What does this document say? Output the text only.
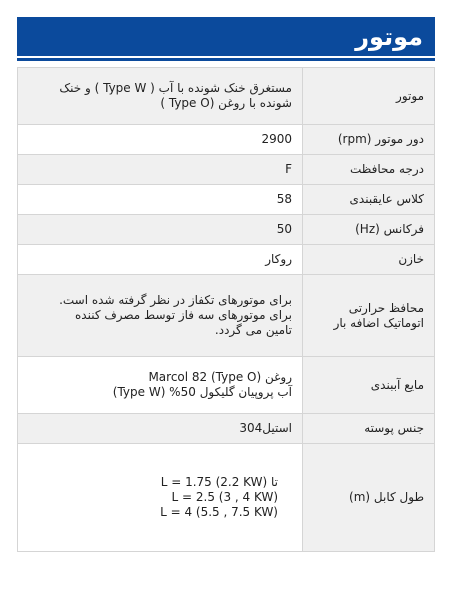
موتور
موتور	مستغرق خنک شونده با آب ( Type W ) و خنک
شونده با روغن (Type O )

دور موتور (rpm)	2900

درجه محافظت	F

کلاس عایقبندی	58

فرکانس (Hz)	50

خازن	روکار

محافظ حرارتی
اتوماتیک اضافه بار	برای موتورهای تکفاز در نظر گرفته شده است.
برای موتورهای سه فاز توسط مصرف کننده
تامین می گردد.

مایع آببندی	روغن Marcol 82 (Type O)
آب پروپیان گلیکول 50% (Type W)

جنس پوسته	استیل304

طول کابل (m)	تا L = 1.75 (2.2 KW)
L = 2.5 (3 , 4 KW)
L = 4 (5.5 , 7.5 KW)
